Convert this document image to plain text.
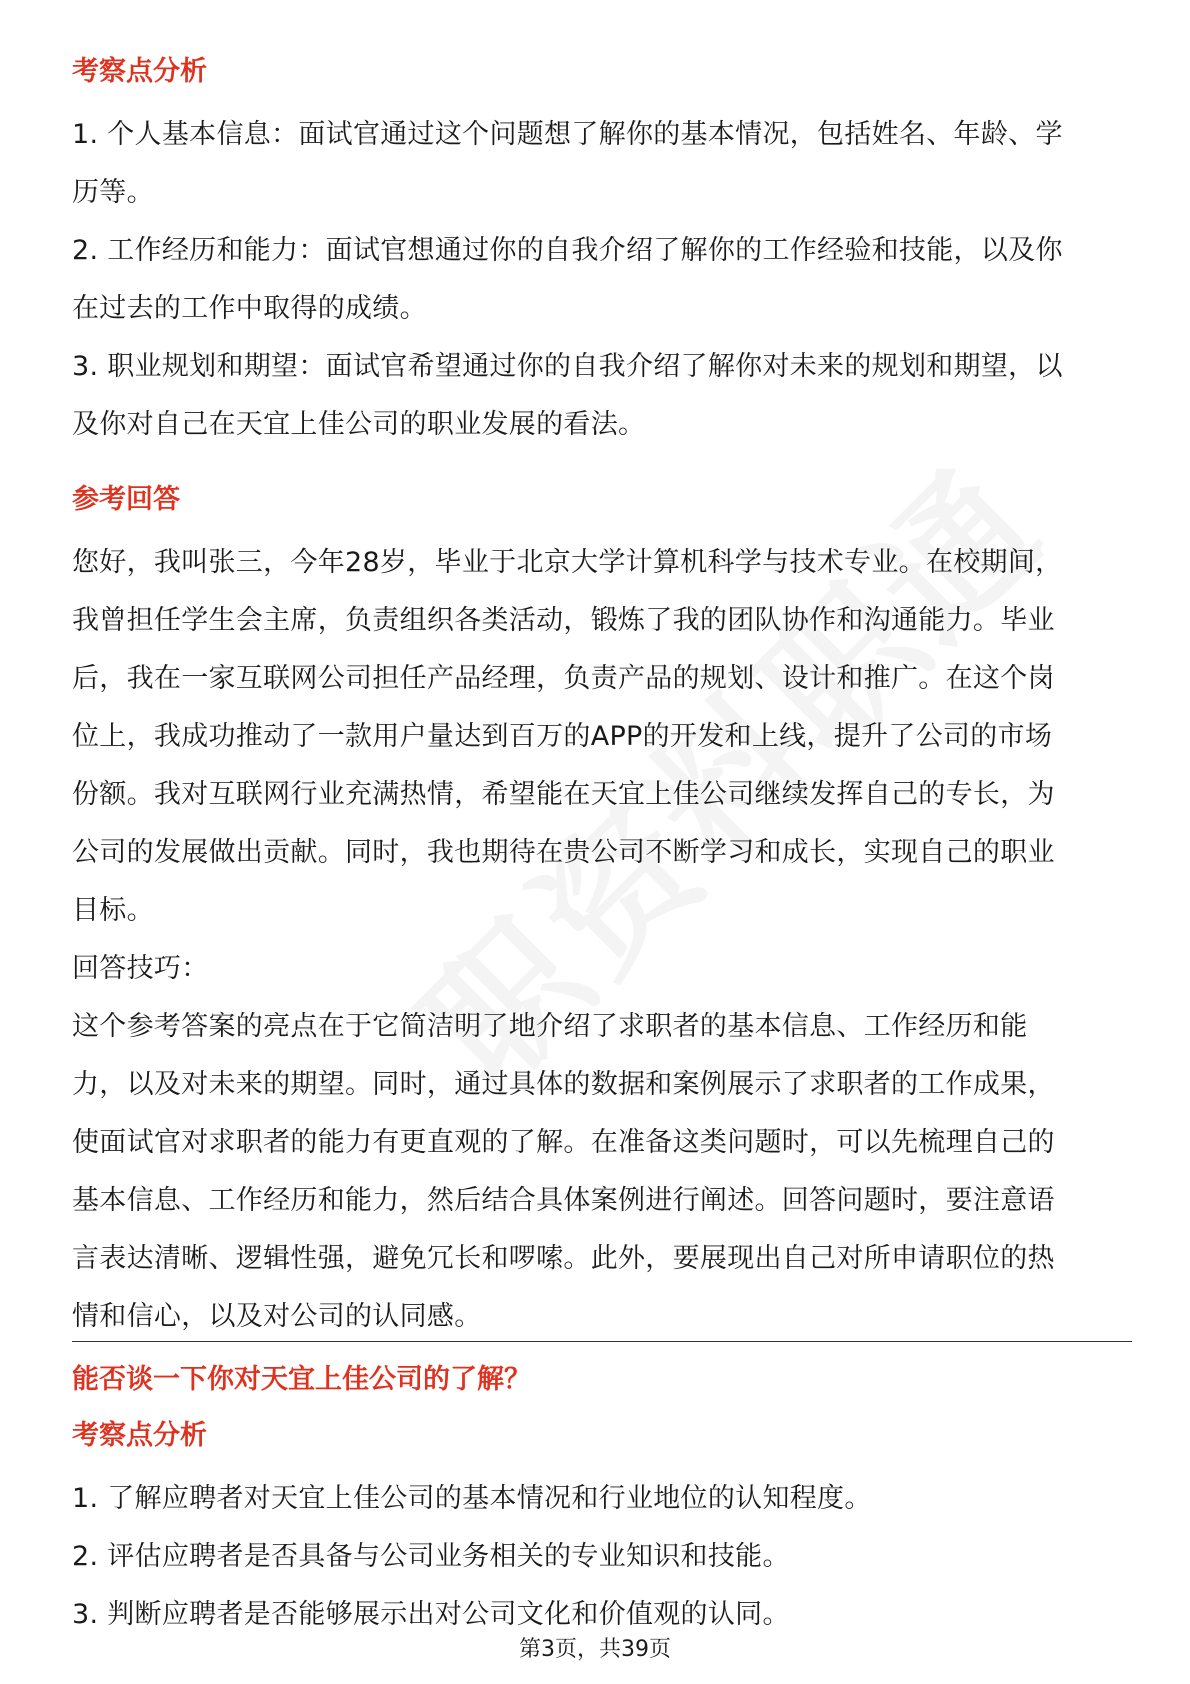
考察点分析

1. 个人基本信息：面试官通过这个问题想了解你的基本情况，包括姓名、年龄、学

历等。

2. 工作经历和能力：面试官想通过你的自我介绍了解你的工作经验和技能，以及你

在过去的工作中取得的成绩。

3. 职业规划和期望：面试官希望通过你的自我介绍了解你对未来的规划和期望，以

及你对自己在天宜上佳公司的职业发展的看法。

参考回答

您好，我叫张三，今年28岁，毕业于北京大学计算机科学与技术专业。在校期间，

我曾担任学生会主席，负责组织各类活动，锻炼了我的团队协作和沟通能力。毕业

后，我在一家互联网公司担任产品经理，负责产品的规划、设计和推广。在这个岗

位上，我成功推动了一款用户量达到百万的APP的开发和上线，提升了公司的市场

份额。我对互联网行业充满热情，希望能在天宜上佳公司继续发挥自己的专长，为

公司的发展做出贡献。同时，我也期待在贵公司不断学习和成长，实现自己的职业

目标。

回答技巧：

这个参考答案的亮点在于它简洁明了地介绍了求职者的基本信息、工作经历和能

力，以及对未来的期望。同时，通过具体的数据和案例展示了求职者的工作成果，

使面试官对求职者的能力有更直观的了解。在准备这类问题时，可以先梳理自己的

基本信息、工作经历和能力，然后结合具体案例进行阐述。回答问题时，要注意语

言表达清晰、逻辑性强，避免冗长和啰嗦。此外，要展现出自己对所申请职位的热

情和信心，以及对公司的认同感。

能否谈一下你对天宜上佳公司的了解？

考察点分析

1. 了解应聘者对天宜上佳公司的基本情况和行业地位的认知程度。

2. 评估应聘者是否具备与公司业务相关的专业知识和技能。

3. 判断应聘者是否能够展示出对公司文化和价值观的认同。

第3页，共39页
